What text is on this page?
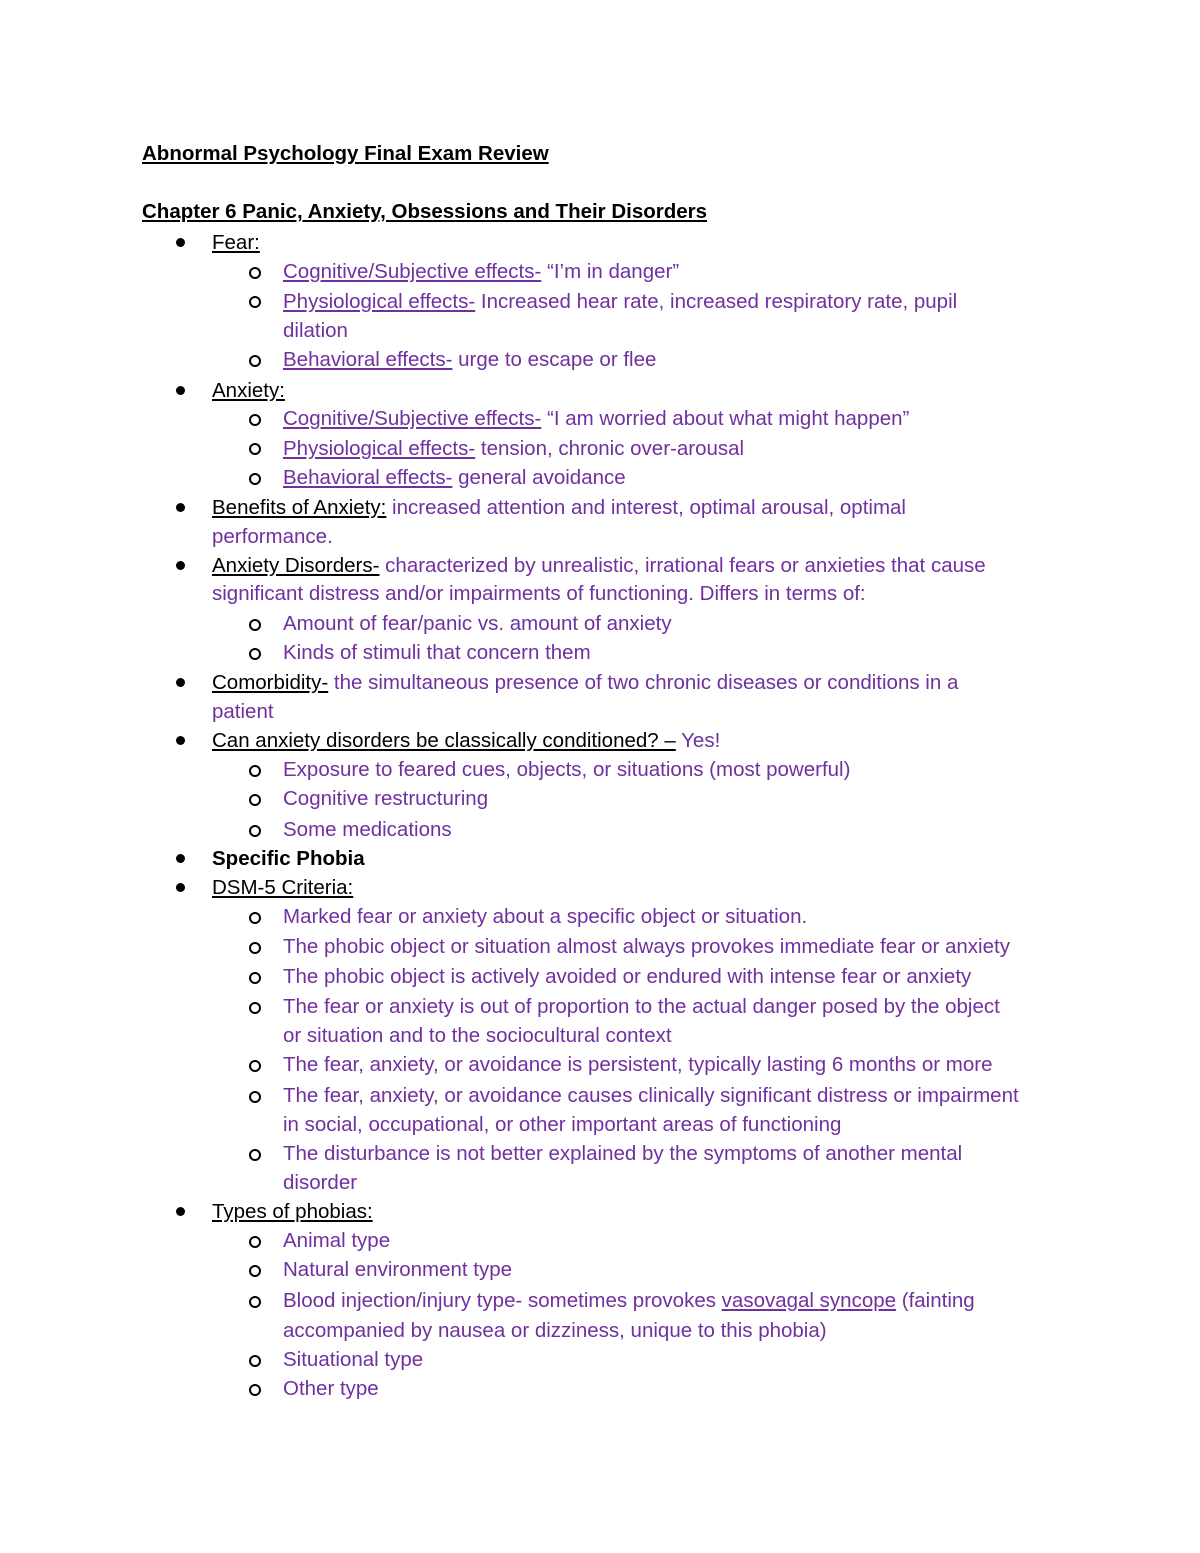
Abnormal Psychology Final Exam Review
Chapter 6 Panic, Anxiety, Obsessions and Their Disorders
Fear:
Cognitive/Subjective effects- “I’m in danger”
Physiological effects- Increased hear rate, increased respiratory rate, pupil
dilation
Behavioral effects- urge to escape or flee
Anxiety:
Cognitive/Subjective effects- “I am worried about what might happen”
Physiological effects- tension, chronic over-arousal
Behavioral effects- general avoidance
Benefits of Anxiety: increased attention and interest, optimal arousal, optimal
performance.
Anxiety Disorders- characterized by unrealistic, irrational fears or anxieties that cause
significant distress and/or impairments of functioning. Differs in terms of:
Amount of fear/panic vs. amount of anxiety
Kinds of stimuli that concern them
Comorbidity- the simultaneous presence of two chronic diseases or conditions in a
patient
Can anxiety disorders be classically conditioned? – Yes!
Exposure to feared cues, objects, or situations (most powerful)
Cognitive restructuring
Some medications
Specific Phobia
DSM-5 Criteria:
Marked fear or anxiety about a specific object or situation.
The phobic object or situation almost always provokes immediate fear or anxiety
The phobic object is actively avoided or endured with intense fear or anxiety
The fear or anxiety is out of proportion to the actual danger posed by the object
or situation and to the sociocultural context
The fear, anxiety, or avoidance is persistent, typically lasting 6 months or more
The fear, anxiety, or avoidance causes clinically significant distress or impairment
in social, occupational, or other important areas of functioning
The disturbance is not better explained by the symptoms of another mental
disorder
Types of phobias:
Animal type
Natural environment type
Blood injection/injury type- sometimes provokes vasovagal syncope (fainting
accompanied by nausea or dizziness, unique to this phobia)
Situational type
Other type
